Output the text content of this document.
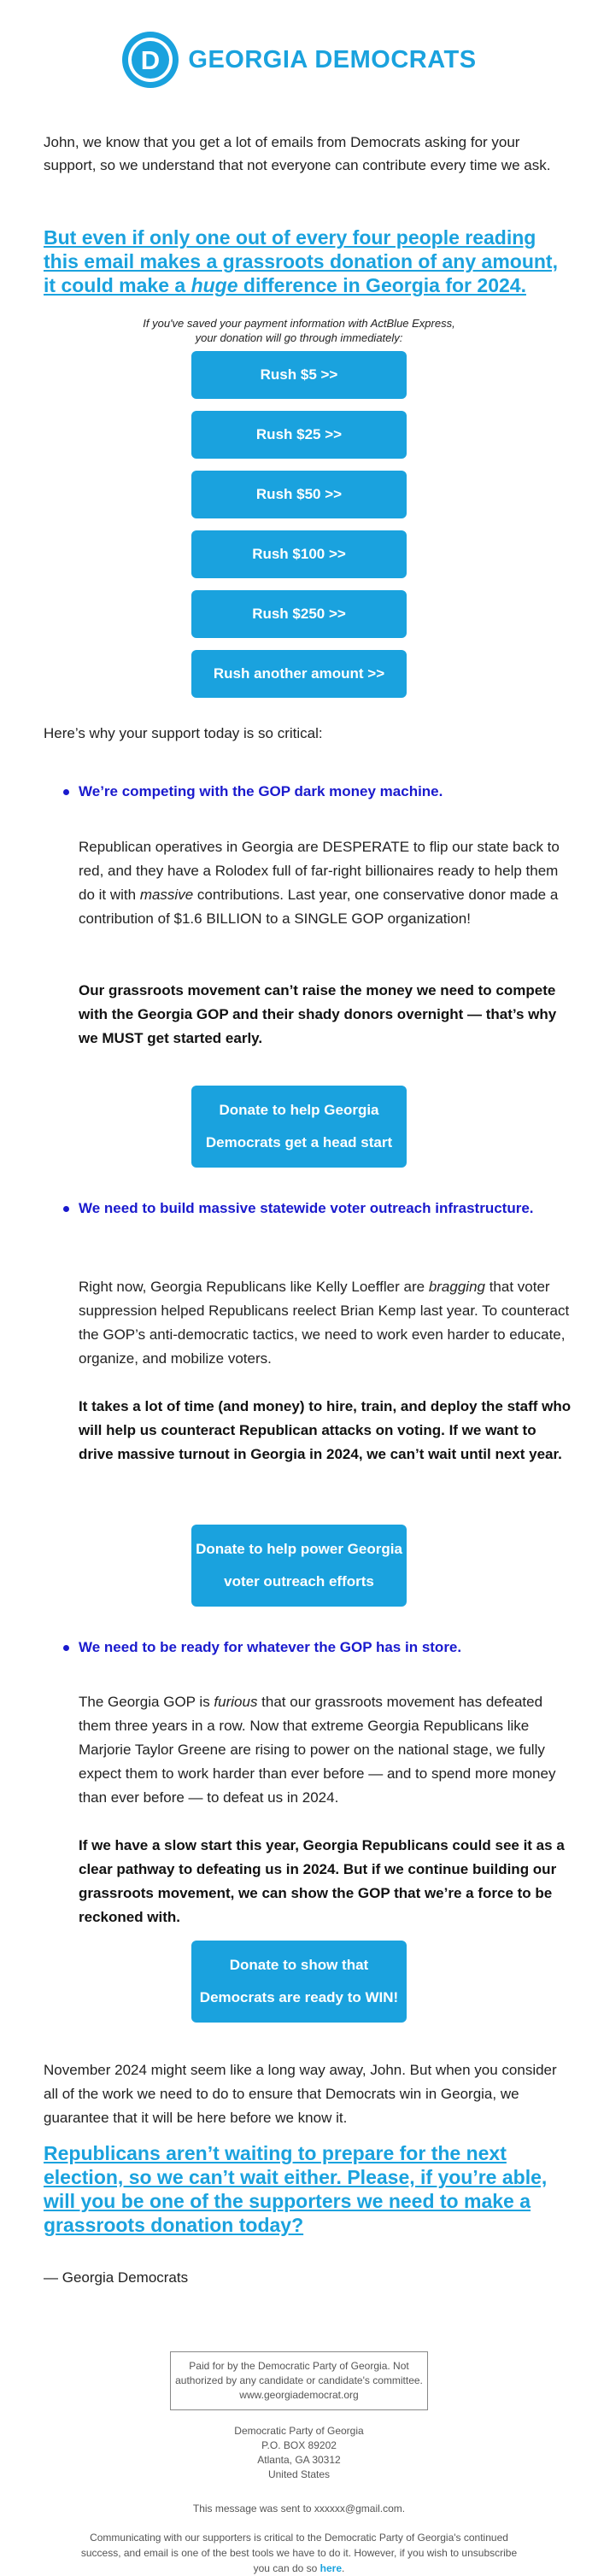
D GEORGIA DEMOCRATS
John, we know that you get a lot of emails from Democrats asking for your support, so we understand that not everyone can contribute every time we ask.
But even if only one out of every four people reading this email makes a grassroots donation of any amount, it could make a huge difference in Georgia for 2024.
If you've saved your payment information with ActBlue Express,
your donation will go through immediately:
Rush $5 >>
Rush $25 >>
Rush $50 >>
Rush $100 >>
Rush $250 >>
Rush another amount >>
Here’s why your support today is so critical:
We’re competing with the GOP dark money machine.
Republican operatives in Georgia are DESPERATE to flip our state back to red, and they have a Rolodex full of far-right billionaires ready to help them do it with massive contributions. Last year, one conservative donor made a contribution of $1.6 BILLION to a SINGLE GOP organization!
Our grassroots movement can’t raise the money we need to compete with the Georgia GOP and their shady donors overnight — that’s why we MUST get started early.
Donate to help Georgia Democrats get a head start
We need to build massive statewide voter outreach infrastructure.
Right now, Georgia Republicans like Kelly Loeffler are bragging that voter suppression helped Republicans reelect Brian Kemp last year. To counteract the GOP’s anti-democratic tactics, we need to work even harder to educate, organize, and mobilize voters.
It takes a lot of time (and money) to hire, train, and deploy the staff who will help us counteract Republican attacks on voting. If we want to drive massive turnout in Georgia in 2024, we can’t wait until next year.
Donate to help power Georgia voter outreach efforts
We need to be ready for whatever the GOP has in store.
The Georgia GOP is furious that our grassroots movement has defeated them three years in a row. Now that extreme Georgia Republicans like Marjorie Taylor Greene are rising to power on the national stage, we fully expect them to work harder than ever before — and to spend more money than ever before — to defeat us in 2024.
If we have a slow start this year, Georgia Republicans could see it as a clear pathway to defeating us in 2024. But if we continue building our grassroots movement, we can show the GOP that we’re a force to be reckoned with.
Donate to show that Democrats are ready to WIN!
November 2024 might seem like a long way away, John. But when you consider all of the work we need to do to ensure that Democrats win in Georgia, we guarantee that it will be here before we know it.
Republicans aren’t waiting to prepare for the next election, so we can’t wait either. Please, if you’re able, will you be one of the supporters we need to make a grassroots donation today?
— Georgia Democrats
Paid for by the Democratic Party of Georgia. Not authorized by any candidate or candidate's committee.
www.georgiademocrat.org
Democratic Party of Georgia
P.O. BOX 89202
Atlanta, GA 30312
United States
This message was sent to xxxxxx@gmail.com.
Communicating with our supporters is critical to the Democratic Party of Georgia's continued success, and email is one of the best tools we have to do it. However, if you wish to unsubscribe you can do so here.
